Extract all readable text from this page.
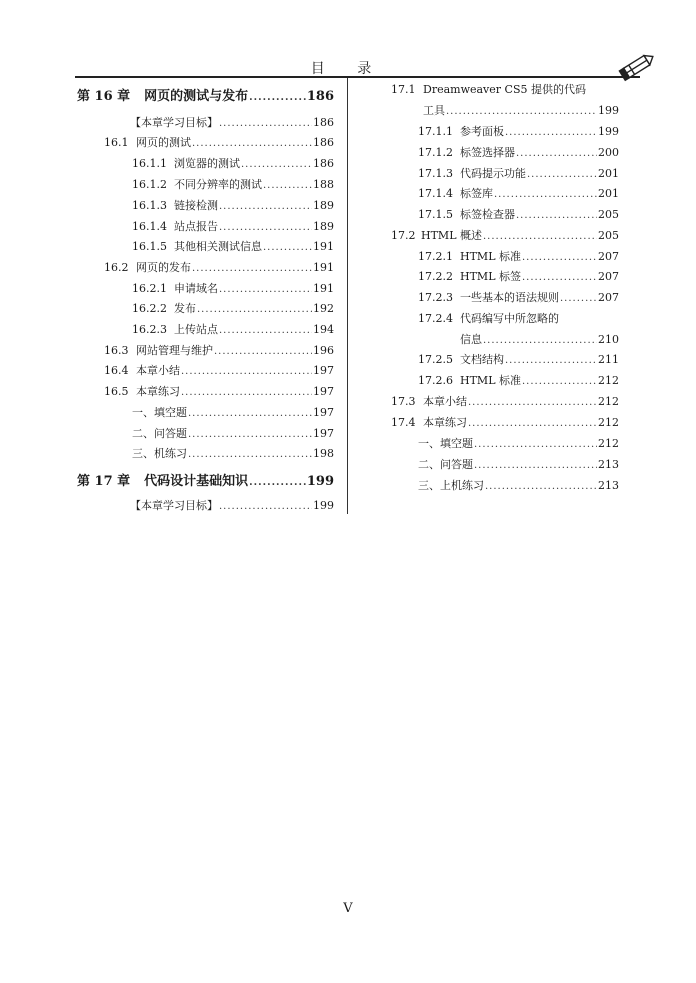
目 录
第 16 章 网页的测试与发布 .....	186
【本章学习目标】 .....	186
16.1 网页的测试 .....	186
16.1.1 浏览器的测试 .....	186
16.1.2 不同分辨率的测试 .....	188
16.1.3 链接检测 .....	189
16.1.4 站点报告 .....	189
16.1.5 其他相关测试信息 .....	191
16.2 网页的发布 .....	191
16.2.1 申请域名 .....	191
16.2.2 发布 .....	192
16.2.3 上传站点 .....	194
16.3 网站管理与维护 .....	196
16.4 本章小结 .....	197
16.5 本章练习 .....	197
一、填空题 .....	197
二、问答题 .....	197
三、机练习 .....	198
第 17 章 代码设计基础知识 .....	199
【本章学习目标】 .....	199
17.1 Dreamweaver CS5 提供的代码
工具 .....	199
17.1.1 参考面板 .....	199
17.1.2 标签选择器 .....	200
17.1.3 代码提示功能 .....	201
17.1.4 标签库 .....	201
17.1.5 标签检查器 .....	205
17.2 HTML 概述 .....	205
17.2.1 HTML 标准 .....	207
17.2.2 HTML 标签 .....	207
17.2.3 一些基本的语法规则 .....	207
17.2.4 代码编写中所忽略的
信息 .....	210
17.2.5 文档结构 .....	211
17.2.6 HTML 标准 .....	212
17.3 本章小结 .....	212
17.4 本章练习 .....	212
一、填空题 .....	212
二、问答题 .....	213
三、上机练习 .....	213
V
